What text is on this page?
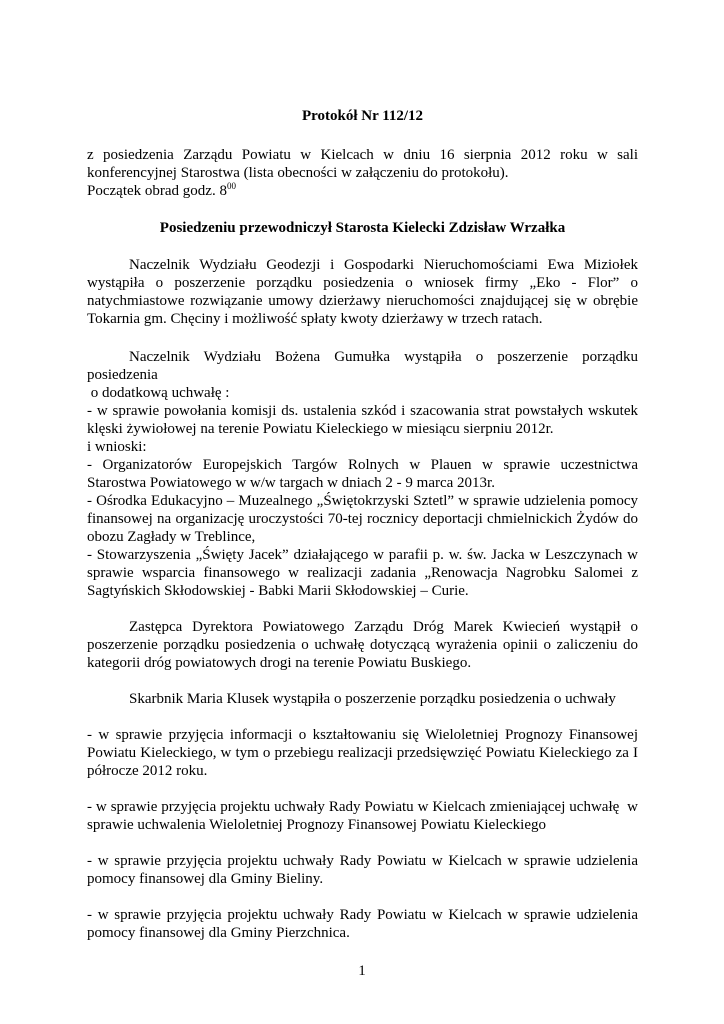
Protokół Nr 112/12

z posiedzenia Zarządu Powiatu w Kielcach w dniu 16 sierpnia 2012 roku w sali konferencyjnej Starostwa (lista obecności w załączeniu do protokołu).
Początek obrad godz. $8^{00}$

Posiedzeniu przewodniczył Starosta Kielecki Zdzisław Wrzałka

Naczelnik Wydziału Geodezji i Gospodarki Nieruchomościami Ewa Miziołek wystąpiła o poszerzenie porządku posiedzenia o wniosek firmy „Eko - Flor” o natychmiastowe rozwiązanie umowy dzierżawy nieruchomości znajdującej się w obrębie Tokarnia gm. Chęciny i możliwość spłaty kwoty dzierżawy w trzech ratach.

Naczelnik Wydziału Bożena Gumułka wystąpiła o poszerzenie porządku posiedzenia

o dodatkową uchwałę :

- w sprawie powołania komisji ds. ustalenia szkód i szacowania strat powstałych wskutek klęski żywiołowej na terenie Powiatu Kieleckiego w miesiącu sierpniu 2012r.

i wnioski:

- Organizatorów Europejskich Targów Rolnych w Plauen w sprawie uczestnictwa Starostwa Powiatowego w w/w targach w dniach 2 - 9 marca 2013r.

- Ośrodka Edukacyjno – Muzealnego „Świętokrzyski Sztetl” w sprawie udzielenia pomocy finansowej na organizację uroczystości 70-tej rocznicy deportacji chmielnickich Żydów do obozu Zagłady w Treblince,

- Stowarzyszenia „Święty Jacek” działającego w parafii p. w. św. Jacka w Leszczynach w sprawie wsparcia finansowego w realizacji zadania „Renowacja Nagrobku Salomei z Sagtyńskich Skłodowskiej - Babki Marii Skłodowskiej – Curie.

Zastępca Dyrektora Powiatowego Zarządu Dróg Marek Kwiecień wystąpił o poszerzenie porządku posiedzenia o uchwałę dotyczącą wyrażenia opinii o zaliczeniu do kategorii dróg powiatowych drogi na terenie Powiatu Buskiego.

Skarbnik Maria Klusek wystąpiła o poszerzenie porządku posiedzenia o uchwały

- w sprawie przyjęcia informacji o kształtowaniu się Wieloletniej Prognozy Finansowej Powiatu Kieleckiego, w tym o przebiegu realizacji przedsięwzięć Powiatu Kieleckiego za I półrocze 2012 roku.

- w sprawie przyjęcia projektu uchwały Rady Powiatu w Kielcach zmieniającej uchwałę  w sprawie uchwalenia Wieloletniej Prognozy Finansowej Powiatu Kieleckiego

- w sprawie przyjęcia projektu uchwały Rady Powiatu w Kielcach w sprawie udzielenia pomocy finansowej dla Gminy Bieliny.

- w sprawie przyjęcia projektu uchwały Rady Powiatu w Kielcach w sprawie udzielenia pomocy finansowej dla Gminy Pierzchnica.

1
